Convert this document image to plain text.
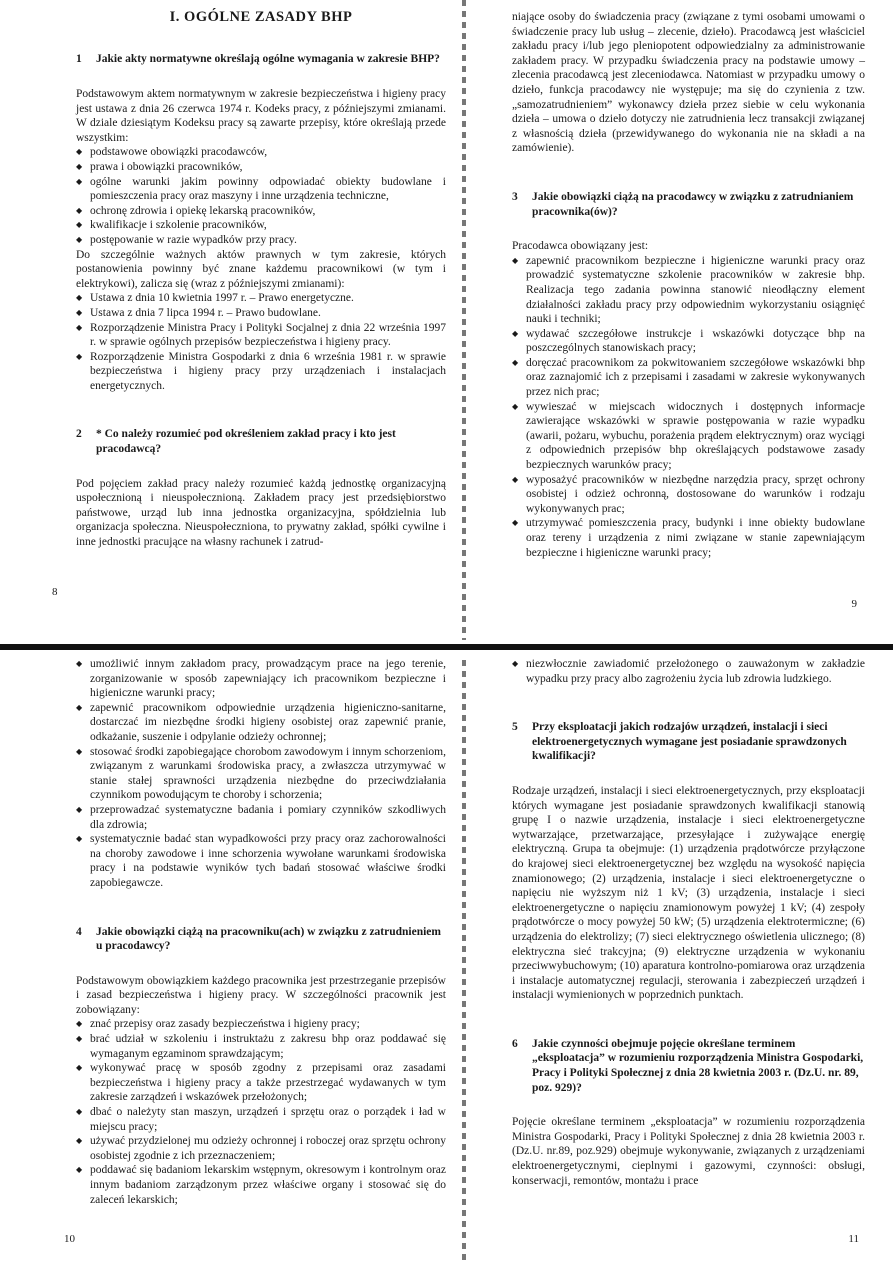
I. OGÓLNE ZASADY BHP
1	Jakie akty normatywne określają ogólne wymagania w zakresie BHP?

Podstawowym aktem normatywnym w zakresie bezpieczeństwa i higieny pracy jest ustawa z dnia 26 czerwca 1974 r. Kodeks pracy, z późniejszymi zmianami. W dziale dziesiątym Kodeksu pracy są zawarte przepisy, które określają przede wszystkim:

◆ podstawowe obowiązki pracodawców,
◆ prawa i obowiązki pracowników,
◆ ogólne warunki jakim powinny odpowiadać obiekty budowlane i pomieszczenia pracy oraz maszyny i inne urządzenia techniczne,
◆ ochronę zdrowia i opiekę lekarską pracowników,
◆ kwalifikacje i szkolenie pracowników,
◆ postępowanie w razie wypadków przy pracy.

Do szczególnie ważnych aktów prawnych w tym zakresie, których postanowienia powinny być znane każdemu pracownikowi (w tym i elektrykowi), zalicza się (wraz z późniejszymi zmianami):

◆ Ustawa z dnia 10 kwietnia 1997 r. – Prawo energetyczne.
◆ Ustawa z dnia 7 lipca 1994 r. – Prawo budowlane.
◆ Rozporządzenie Ministra Pracy i Polityki Socjalnej z dnia 22 września 1997 r. w sprawie ogólnych przepisów bezpieczeństwa i higieny pracy.
◆ Rozporządzenie Ministra Gospodarki z dnia 6 września 1981 r. w sprawie bezpieczeństwa i higieny pracy przy urządzeniach i instalacjach energetycznych.
2	* Co należy rozumieć pod określeniem zakład pracy i kto jest pracodawcą?

Pod pojęciem zakład pracy należy rozumieć każdą jednostkę organizacyjną uspołecznioną i nieuspołecznioną. Zakładem pracy jest przedsiębiorstwo państwowe, urząd lub inna jednostka organizacyjna, spółdzielnia lub organizacja społeczna. Nieuspołeczniona, to prywatny zakład, spółki cywilne i inne jednostki pracujące na własny rachunek i zatrud-

8

niające osoby do świadczenia pracy (związane z tymi osobami umowami o świadczenie pracy lub usług – zlecenie, dzieło). Pracodawcą jest właściciel zakładu pracy i/lub jego pleniopotent odpowiedzialny za administrowanie zakładem pracy. W przypadku świadczenia pracy na podstawie umowy – zlecenia pracodawcą jest zleceniodawca. Natomiast w przypadku umowy o dzieło, funkcja pracodawcy nie występuje; ma się do czynienia z tzw. „samozatrudnieniem” wykonawcy dzieła przez siebie w celu wykonania dzieła – umowa o dzieło dotyczy nie zatrudnienia lecz transakcji związanej z własnością dzieła (przewidywanego do wykonania nie na składi a na zamówienie).

3	Jakie obowiązki ciążą na pracodawcy w związku z zatrudnianiem pracownika(ów)?

Pracodawca obowiązany jest:

◆ zapewnić pracownikom bezpieczne i higieniczne warunki pracy oraz prowadzić systematyczne szkolenie pracowników w zakresie bhp. Realizacja tego zadania powinna stanowić nieodłączny element działalności zakładu pracy przy odpowiednim wykorzystaniu osiągnięć nauki i techniki;
◆ wydawać szczegółowe instrukcje i wskazówki dotyczące bhp na poszczególnych stanowiskach pracy;
◆ doręczać pracownikom za pokwitowaniem szczegółowe wskazówki bhp oraz zaznajomić ich z przepisami i zasadami w zakresie wykonywanych przez nich prac;
◆ wywieszać w miejscach widocznych i dostępnych informacje zawierające wskazówki w sprawie postępowania w razie wypadku (awarii, pożaru, wybuchu, porażenia prądem elektrycznym) oraz wyciągi z odpowiednich przepisów bhp określających podstawowe zasady bezpiecznych warunków pracy;
◆ wyposażyć pracowników w niezbędne narzędzia pracy, sprzęt ochrony osobistej i odzież ochronną, dostosowane do warunków i rodzaju wykonywanych prac;
◆ utrzymywać pomieszczenia pracy, budynki i inne obiekty budowlane oraz tereny i urządzenia z nimi związane w stanie zapewniającym bezpieczne i higieniczne warunki pracy;
9
◆ umożliwić innym zakładom pracy, prowadzącym prace na jego terenie, zorganizowanie w sposób zapewniający ich pracownikom bezpieczne i higieniczne warunki pracy;
◆ zapewnić pracownikom odpowiednie urządzenia higieniczno-sanitarne, dostarczać im niezbędne środki higieny osobistej oraz zapewnić pranie, odkażanie, suszenie i odpylanie odzieży ochronnej;
◆ stosować środki zapobiegające chorobom zawodowym i innym schorzeniom, związanym z warunkami środowiska pracy, a zwłaszcza utrzymywać w stanie stałej sprawności urządzenia niezbędne do przeciwdziałania czynnikom powodującym te choroby i schorzenia;
◆ przeprowadzać systematyczne badania i pomiary czynników szkodliwych dla zdrowia;
◆ systematycznie badać stan wypadkowości przy pracy oraz zachorowalności na choroby zawodowe i inne schorzenia wywołane warunkami środowiska pracy i na podstawie wyników tych badań stosować właściwe środki zapobiegawcze.
4	Jakie obowiązki ciążą na pracowniku(ach) w związku z zatrudnieniem u pracodawcy?

Podstawowym obowiązkiem każdego pracownika jest przestrzeganie przepisów i zasad bezpieczeństwa i higieny pracy. W szczególności pracownik jest zobowiązany:

◆ znać przepisy oraz zasady bezpieczeństwa i higieny pracy;
◆ brać udział w szkoleniu i instruktażu z zakresu bhp oraz poddawać się wymaganym egzaminom sprawdzającym;
◆ wykonywać pracę w sposób zgodny z przepisami oraz zasadami bezpieczeństwa i higieny pracy a także przestrzegać wydawanych w tym zakresie zarządzeń i wskazówek przełożonych;
◆ dbać o należyty stan maszyn, urządzeń i sprzętu oraz o porządek i ład w miejscu pracy;
◆ używać przydzielonej mu odzieży ochronnej i roboczej oraz sprzętu ochrony osobistej zgodnie z ich przeznaczeniem;
◆ poddawać się badaniom lekarskim wstępnym, okresowym i kontrolnym oraz innym badaniom zarządzonym przez właściwe organy i stosować się do zaleceń lekarskich;
10
◆ niezwłocznie zawiadomić przełożonego o zauważonym w zakładzie wypadku przy pracy albo zagrożeniu życia lub zdrowia ludzkiego.
5	Przy eksploatacji jakich rodzajów urządzeń, instalacji i sieci elektroenergetycznych wymagane jest posiadanie sprawdzonych kwalifikacji?

Rodzaje urządzeń, instalacji i sieci elektroenergetycznych, przy eksploatacji których wymagane jest posiadanie sprawdzonych kwalifikacji stanowią grupę I o nazwie urządzenia, instalacje i sieci elektroenergetyczne wytwarzające, przetwarzające, przesyłające i zużywające energię elektryczną. Grupa ta obejmuje: (1) urządzenia prądotwórcze przyłączone do krajowej sieci elektroenergetycznej bez względu na wysokość napięcia znamionowego; (2) urządzenia, instalacje i sieci elektroenergetyczne o napięciu nie wyższym niż 1 kV; (3) urządzenia, instalacje i sieci elektroenergetyczne o napięciu znamionowym powyżej 1 kV; (4) zespoły prądotwórcze o mocy powyżej 50 kW; (5) urządzenia elektrotermiczne; (6) urządzenia do elektrolizy; (7) sieci elektrycznego oświetlenia ulicznego; (8) elektryczna sieć trakcyjna; (9) elektryczne urządzenia w wykonaniu przeciwwybuchowym; (10) aparatura kontrolno-pomiarowa oraz urządzenia i instalacje automatycznej regulacji, sterowania i zabezpieczeń urządzeń i instalacji wymienionych w poprzednich punktach.

6	Jakie czynności obejmuje pojęcie określane terminem „eksploatacja” w rozumieniu rozporządzenia Ministra Gospodarki, Pracy i Polityki Społecznej z dnia 28 kwietnia 2003 r. (Dz.U. nr. 89, poz. 929)?

Pojęcie określane terminem „eksploatacja” w rozumieniu rozporządzenia Ministra Gospodarki, Pracy i Polityki Społecznej z dnia 28 kwietnia 2003 r. (Dz.U. nr.89, poz.929) obejmuje wykonywanie, związanych z urządzeniami elektroenergetycznymi, cieplnymi i gazowymi, czynności: obsługi, konserwacji, remontów, montażu i prace

11
